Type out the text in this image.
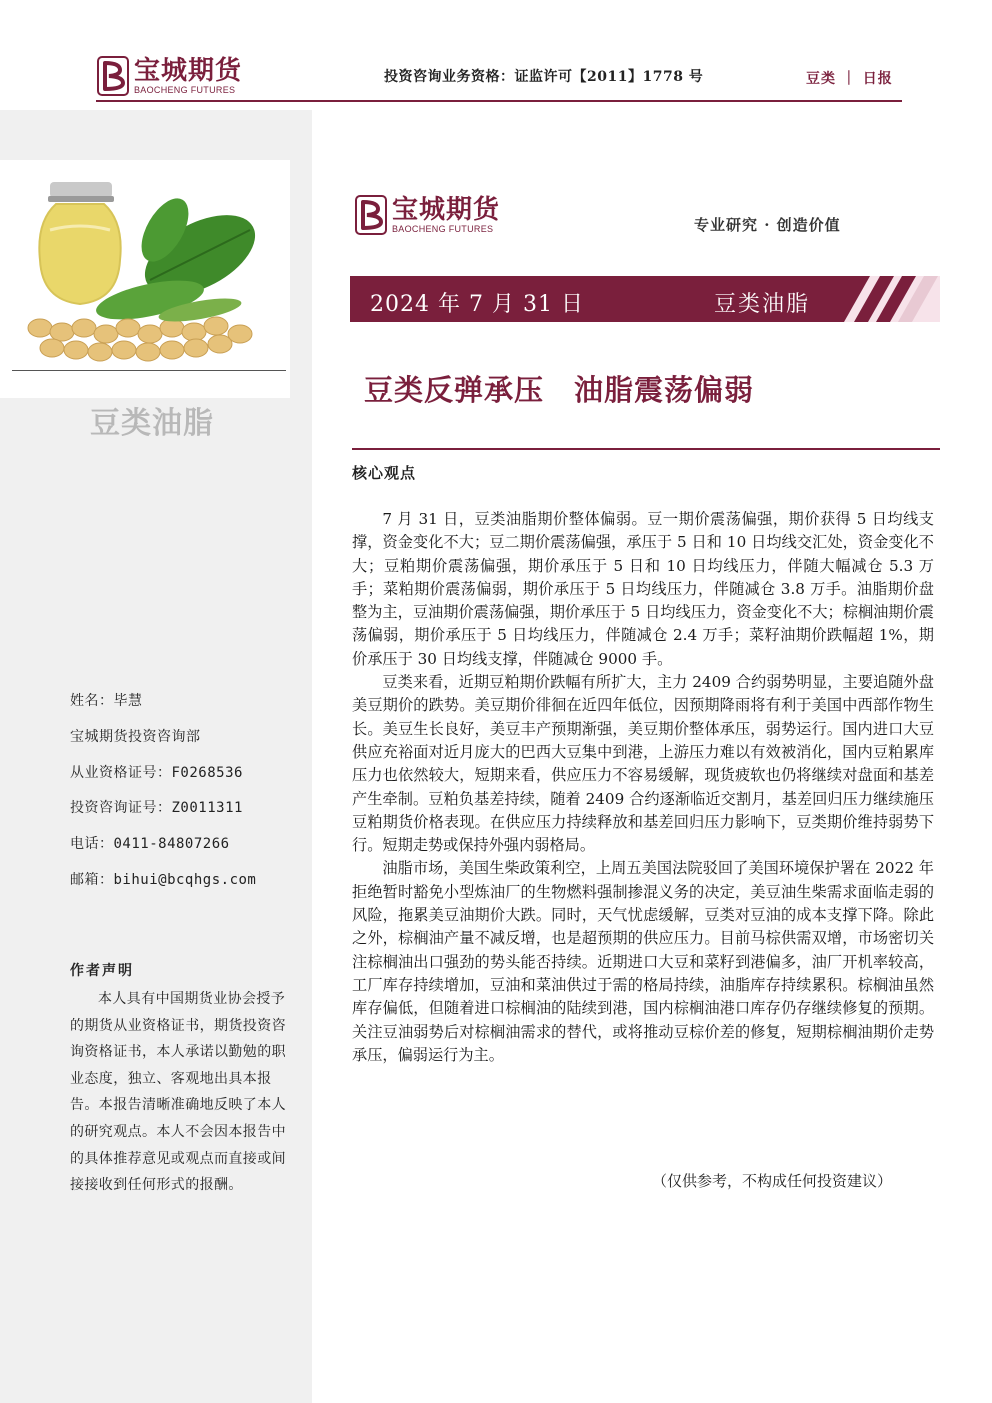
宝城期货
BAOCHENG FUTURES
投资咨询业务资格：证监许可【2011】1778 号	豆类 ｜ 日报
豆类油脂
姓名：毕慧
宝城期货投资咨询部
从业资格证号：F0268536
投资咨询证号：Z0011311
电话：0411-84807266
邮箱：bihui@bcqhgs.com
作者声明
本人具有中国期货业协会授予的期货从业资格证书，期货投资咨询资格证书，本人承诺以勤勉的职业态度，独立、客观地出具本报告。本报告清晰准确地反映了本人的研究观点。本人不会因本报告中的具体推荐意见或观点而直接或间接接收到任何形式的报酬。
宝城期货
BAOCHENG FUTURES	专业研究 · 创造价值
2024 年 7 月 31 日	豆类油脂
豆类反弹承压　油脂震荡偏弱
核心观点

7 月 31 日，豆类油脂期价整体偏弱。豆一期价震荡偏强，期价获得 5 日均线支撑，资金变化不大；豆二期价震荡偏强，承压于 5 日和 10 日均线交汇处，资金变化不大；豆粕期价震荡偏强，期价承压于 5 日和 10 日均线压力，伴随大幅减仓 5.3 万手；菜粕期价震荡偏弱，期价承压于 5 日均线压力，伴随减仓 3.8 万手。油脂期价盘整为主，豆油期价震荡偏强，期价承压于 5 日均线压力，资金变化不大；棕榈油期价震荡偏弱，期价承压于 5 日均线压力，伴随减仓 2.4 万手；菜籽油期价跌幅超 1%，期价承压于 30 日均线支撑，伴随减仓 9000 手。

豆类来看，近期豆粕期价跌幅有所扩大，主力 2409 合约弱势明显，主要追随外盘美豆期价的跌势。美豆期价徘徊在近四年低位，因预期降雨将有利于美国中西部作物生长。美豆生长良好，美豆丰产预期渐强，美豆期价整体承压，弱势运行。国内进口大豆供应充裕面对近月庞大的巴西大豆集中到港，上游压力难以有效被消化，国内豆粕累库压力也依然较大，短期来看，供应压力不容易缓解，现货疲软也仍将继续对盘面和基差产生牵制。豆粕负基差持续，随着 2409 合约逐渐临近交割月，基差回归压力继续施压豆粕期货价格表现。在供应压力持续释放和基差回归压力影响下，豆类期价维持弱势下行。短期走势或保持外强内弱格局。

油脂市场，美国生柴政策利空，上周五美国法院驳回了美国环境保护署在 2022 年拒绝暂时豁免小型炼油厂的生物燃料强制掺混义务的决定，美豆油生柴需求面临走弱的风险，拖累美豆油期价大跌。同时，天气忧虑缓解，豆类对豆油的成本支撑下降。除此之外，棕榈油产量不减反增，也是超预期的供应压力。目前马棕供需双增，市场密切关注棕榈油出口强劲的势头能否持续。近期进口大豆和菜籽到港偏多，油厂开机率较高，工厂库存持续增加，豆油和菜油供过于需的格局持续，油脂库存持续累积。棕榈油虽然库存偏低，但随着进口棕榈油的陆续到港，国内棕榈油港口库存仍存继续修复的预期。关注豆油弱势后对棕榈油需求的替代，或将推动豆棕价差的修复，短期棕榈油期价走势承压，偏弱运行为主。

（仅供参考，不构成任何投资建议）
